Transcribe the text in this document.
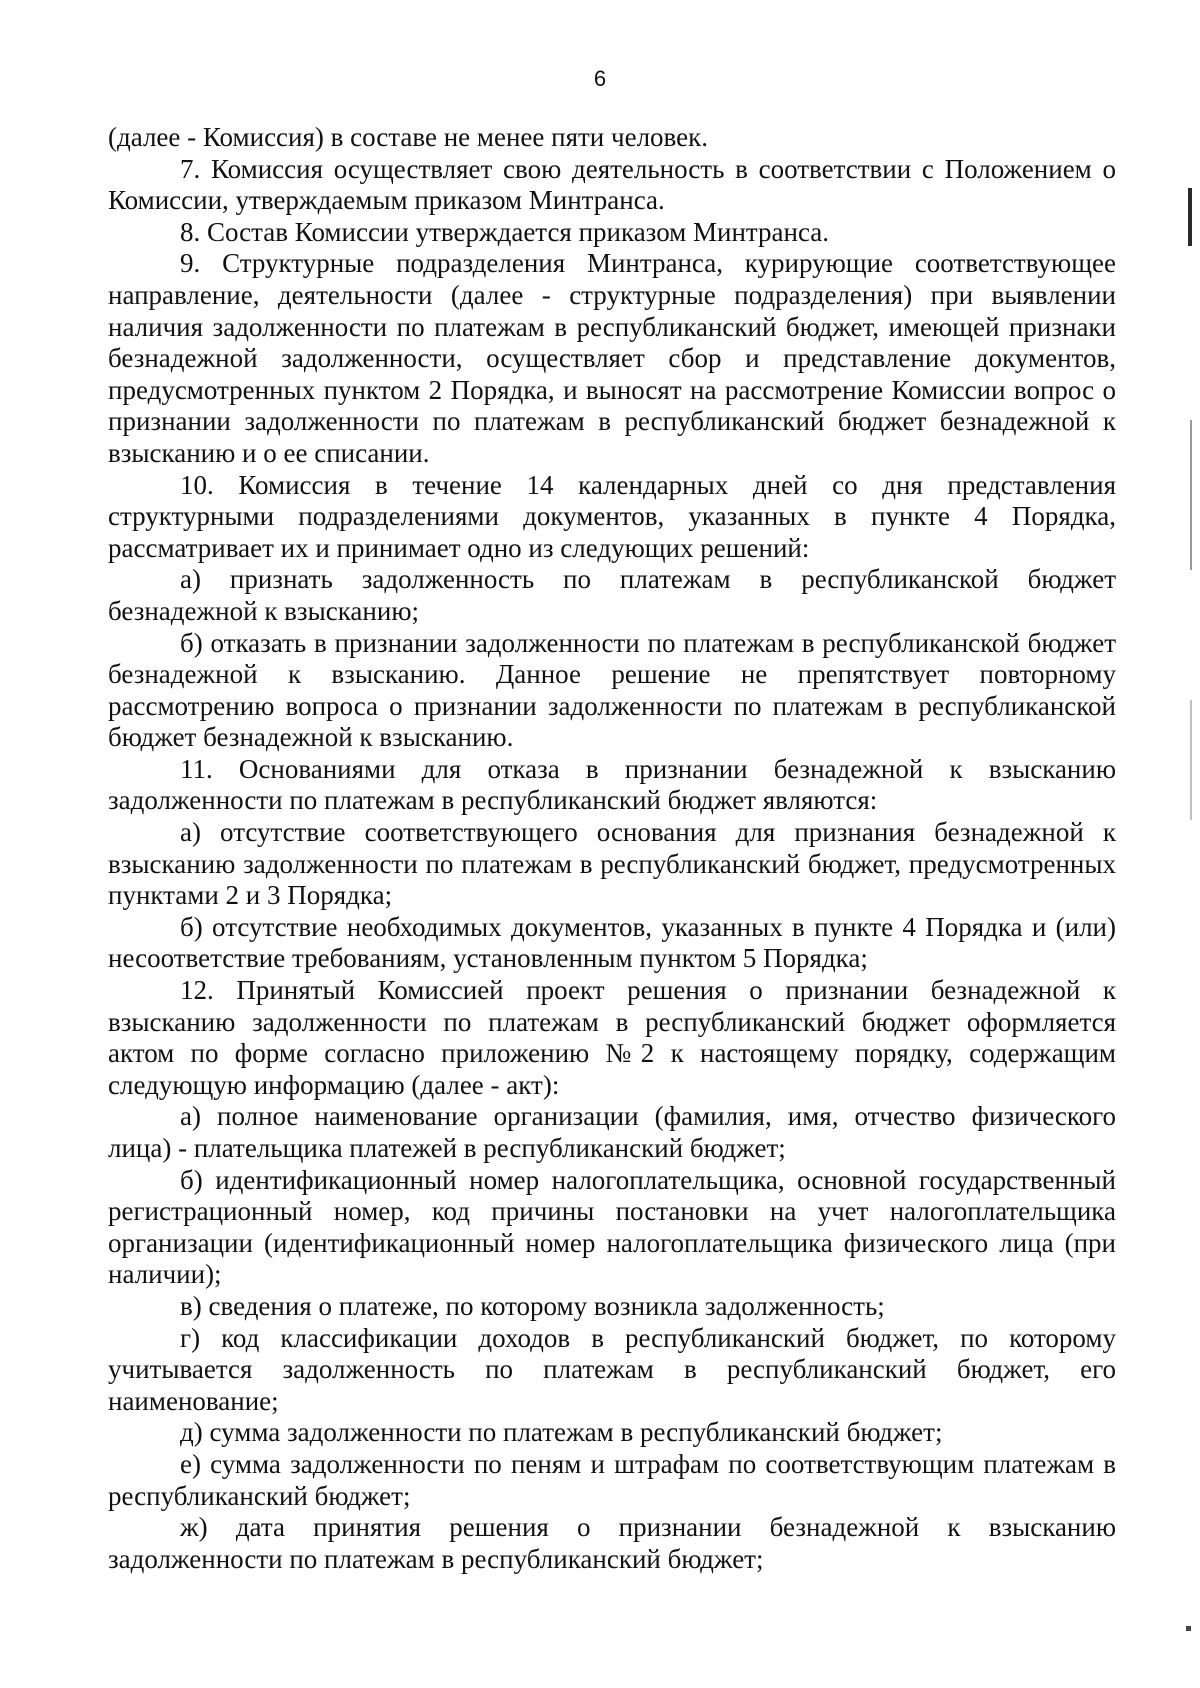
6

(далее - Комиссия) в составе не менее пяти человек.

7. Комиссия осуществляет свою деятельность в соответствии с Положением о Комиссии, утверждаемым приказом Минтранса.

8. Состав Комиссии утверждается приказом Минтранса.

9. Структурные подразделения Минтранса, курирующие соответствующее направление, деятельности (далее - структурные подразделения) при выявлении наличия задолженности по платежам в республиканский бюджет, имеющей признаки безнадежной задолженности, осуществляет сбор и представление документов, предусмотренных пунктом 2 Порядка, и выносят на рассмотрение Комиссии вопрос о признании задолженности по платежам в республиканский бюджет безнадежной к взысканию и о ее списании.

10. Комиссия в течение 14 календарных дней со дня представления структурными подразделениями документов, указанных в пункте 4 Порядка, рассматривает их и принимает одно из следующих решений:

а) признать задолженность по платежам в республиканской бюджет безнадежной к взысканию;

б) отказать в признании задолженности по платежам в республиканской бюджет безнадежной к взысканию. Данное решение не препятствует повторному рассмотрению вопроса о признании задолженности по платежам в республиканской бюджет безнадежной к взысканию.

11. Основаниями для отказа в признании безнадежной к взысканию задолженности по платежам в республиканский бюджет являются:

а) отсутствие соответствующего основания для признания безнадежной к взысканию задолженности по платежам в республиканский бюджет, предусмотренных пунктами 2 и 3 Порядка;

б) отсутствие необходимых документов, указанных в пункте 4 Порядка и (или) несоответствие требованиям, установленным пунктом 5 Порядка;

12. Принятый Комиссией проект решения о признании безнадежной к взысканию задолженности по платежам в республиканский бюджет оформляется актом по форме согласно приложению №2 к настоящему порядку, содержащим следующую информацию (далее - акт):

а) полное наименование организации (фамилия, имя, отчество физического лица) - плательщика платежей в республиканский бюджет;

б) идентификационный номер налогоплательщика, основной государственный регистрационный номер, код причины постановки на учет налогоплательщика организации (идентификационный номер налогоплательщика физического лица (при наличии);

в) сведения о платеже, по которому возникла задолженность;

г) код классификации доходов в республиканский бюджет, по которому учитывается задолженность по платежам в республиканский бюджет, его наименование;

д) сумма задолженности по платежам в республиканский бюджет;

е) сумма задолженности по пеням и штрафам по соответствующим платежам в республиканский бюджет;

ж) дата принятия решения о признании безнадежной к взысканию задолженности по платежам в республиканский бюджет;
